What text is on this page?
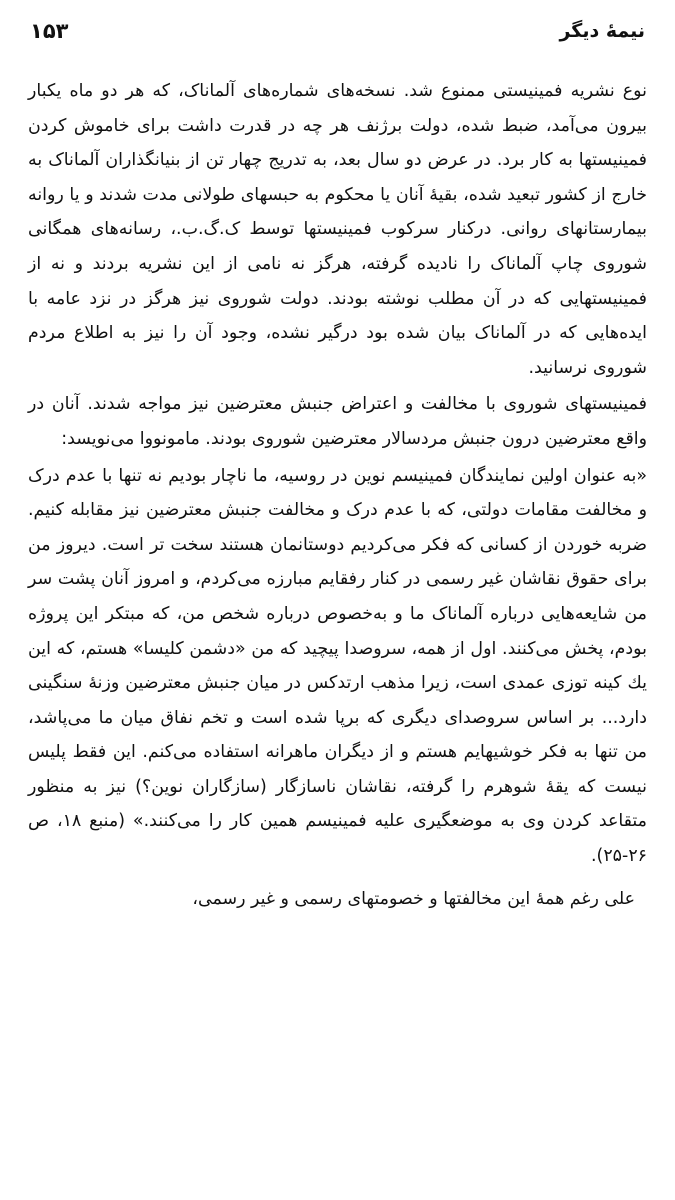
نیمهٔ دیگر
۱۵۳

نوع نشریه فمینیستی ممنوع شد. نسخه‌های شماره‌های آلماناک، که هر دو ماه یکبار بیرون می‌آمد، ضبط شده، دولت برژنف هر چه در قدرت داشت برای خاموش کردن فمینیستها به کار برد. در عرض دو سال بعد، به تدریج چهار تن از بنیانگذاران آلماناک به خارج از کشور تبعید شده، بقیهٔ آنان یا محکوم به حبسهای طولانی مدت شدند و یا روانه بیمارستانهای روانی. درکنار سرکوب فمینیستها توسط ک.گ.ب.، رسانه‌های همگانی شوروی چاپ آلماناک را نادیده گرفته، هرگز نه نامی از این نشریه بردند و نه از فمینیستهایی که در آن مطلب نوشته بودند. دولت شوروی نیز هرگز در نزد عامه با ایده‌هایی که در آلماناک بیان شده بود درگیر نشده، وجود آن را نیز به اطلاع مردم شوروی نرسانید.

فمینیستهای شوروی با مخالفت و اعتراض جنبش معترضین نیز مواجه شدند. آنان در واقع معترضین درون جنبش مردسالار معترضین شوروی بودند. مامونووا می‌نویسد:

«به عنوان اولین نمایندگان فمینیسم نوین در روسیه، ما ناچار بودیم نه تنها با عدم درک و مخالفت مقامات دولتی، که با عدم درک و مخالفت جنبش معترضین نیز مقابله کنیم. ضربه خوردن از کسانی که فکر می‌کردیم دوستانمان هستند سخت تر است. دیروز من برای حقوق نقاشان غیر رسمی در کنار رفقایم مبارزه می‌کردم، و امروز آنان پشت سر من شایعه‌هایی درباره آلماناک ما و به‌خصوص درباره شخص من، که مبتکر این پروژه بودم، پخش می‌کنند. اول از همه، سروصدا پیچید که من «دشمن کلیسا» هستم، که این یك کینه توزی عمدی است، زیرا مذهب ارتدکس در میان جنبش معترضین وزنهٔ سنگینی دارد... بر اساس سروصدای دیگری که برپا شده است و تخم نفاق میان ما می‌پاشد، من تنها به فکر خوشیهایم هستم و از دیگران ماهرانه استفاده می‌کنم. این فقط پلیس نیست که یقهٔ شوهرم را گرفته، نقاشان ناسازگار (سازگاران نوین؟) نیز به منظور متقاعد کردن وی به موضعگیری علیه فمینیسم همین کار را می‌کنند.» (منبع ۱۸، ص ۲۶-۲۵).

علی رغم همهٔ این مخالفتها و خصومتهای رسمی و غیر رسمی،
